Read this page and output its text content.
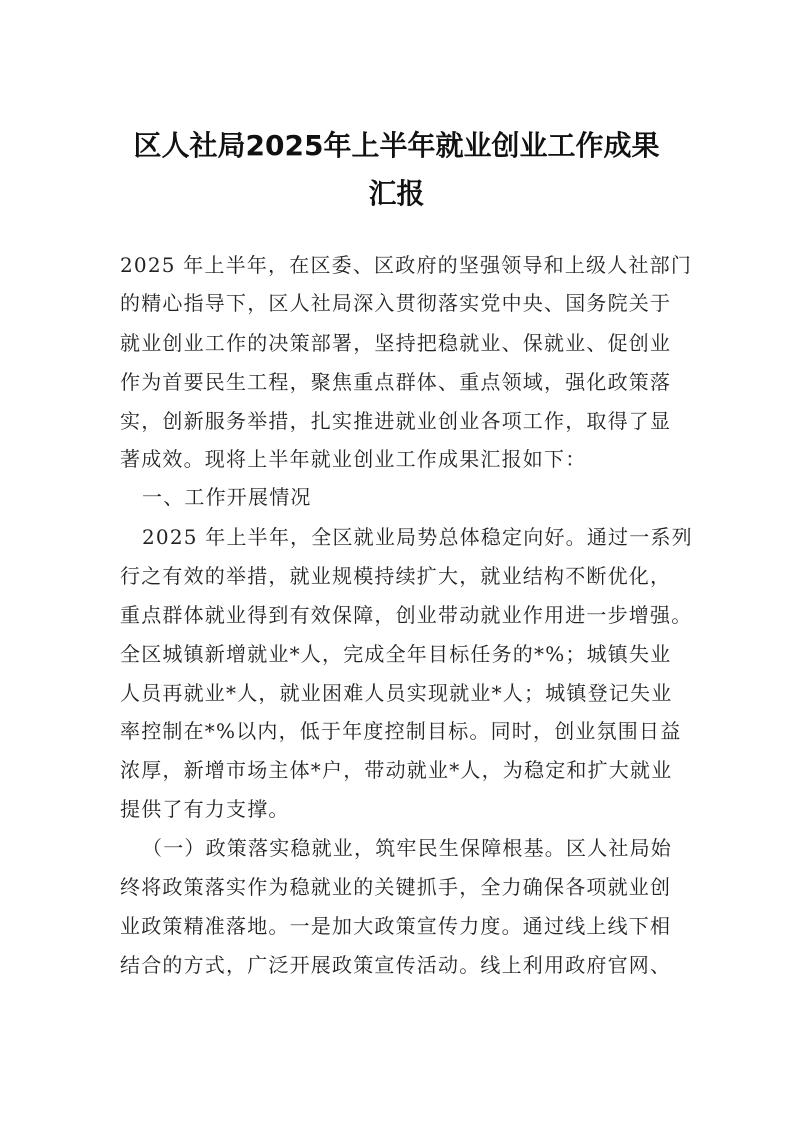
区人社局2025年上半年就业创业工作成果
汇报

2025 年上半年，在区委、区政府的坚强领导和上级人社部门

的精心指导下，区人社局深入贯彻落实党中央、国务院关于

就业创业工作的决策部署，坚持把稳就业、保就业、促创业

作为首要民生工程，聚焦重点群体、重点领域，强化政策落

实，创新服务举措，扎实推进就业创业各项工作，取得了显

著成效。现将上半年就业创业工作成果汇报如下：

一、工作开展情况

2025 年上半年，全区就业局势总体稳定向好。通过一系列

行之有效的举措，就业规模持续扩大，就业结构不断优化，

重点群体就业得到有效保障，创业带动就业作用进一步增强。

全区城镇新增就业*人，完成全年目标任务的*%；城镇失业

人员再就业*人，就业困难人员实现就业*人；城镇登记失业

率控制在*%以内，低于年度控制目标。同时，创业氛围日益

浓厚，新增市场主体*户，带动就业*人，为稳定和扩大就业

提供了有力支撑。

（一）政策落实稳就业，筑牢民生保障根基。区人社局始

终将政策落实作为稳就业的关键抓手，全力确保各项就业创

业政策精准落地。一是加大政策宣传力度。通过线上线下相

结合的方式，广泛开展政策宣传活动。线上利用政府官网、
